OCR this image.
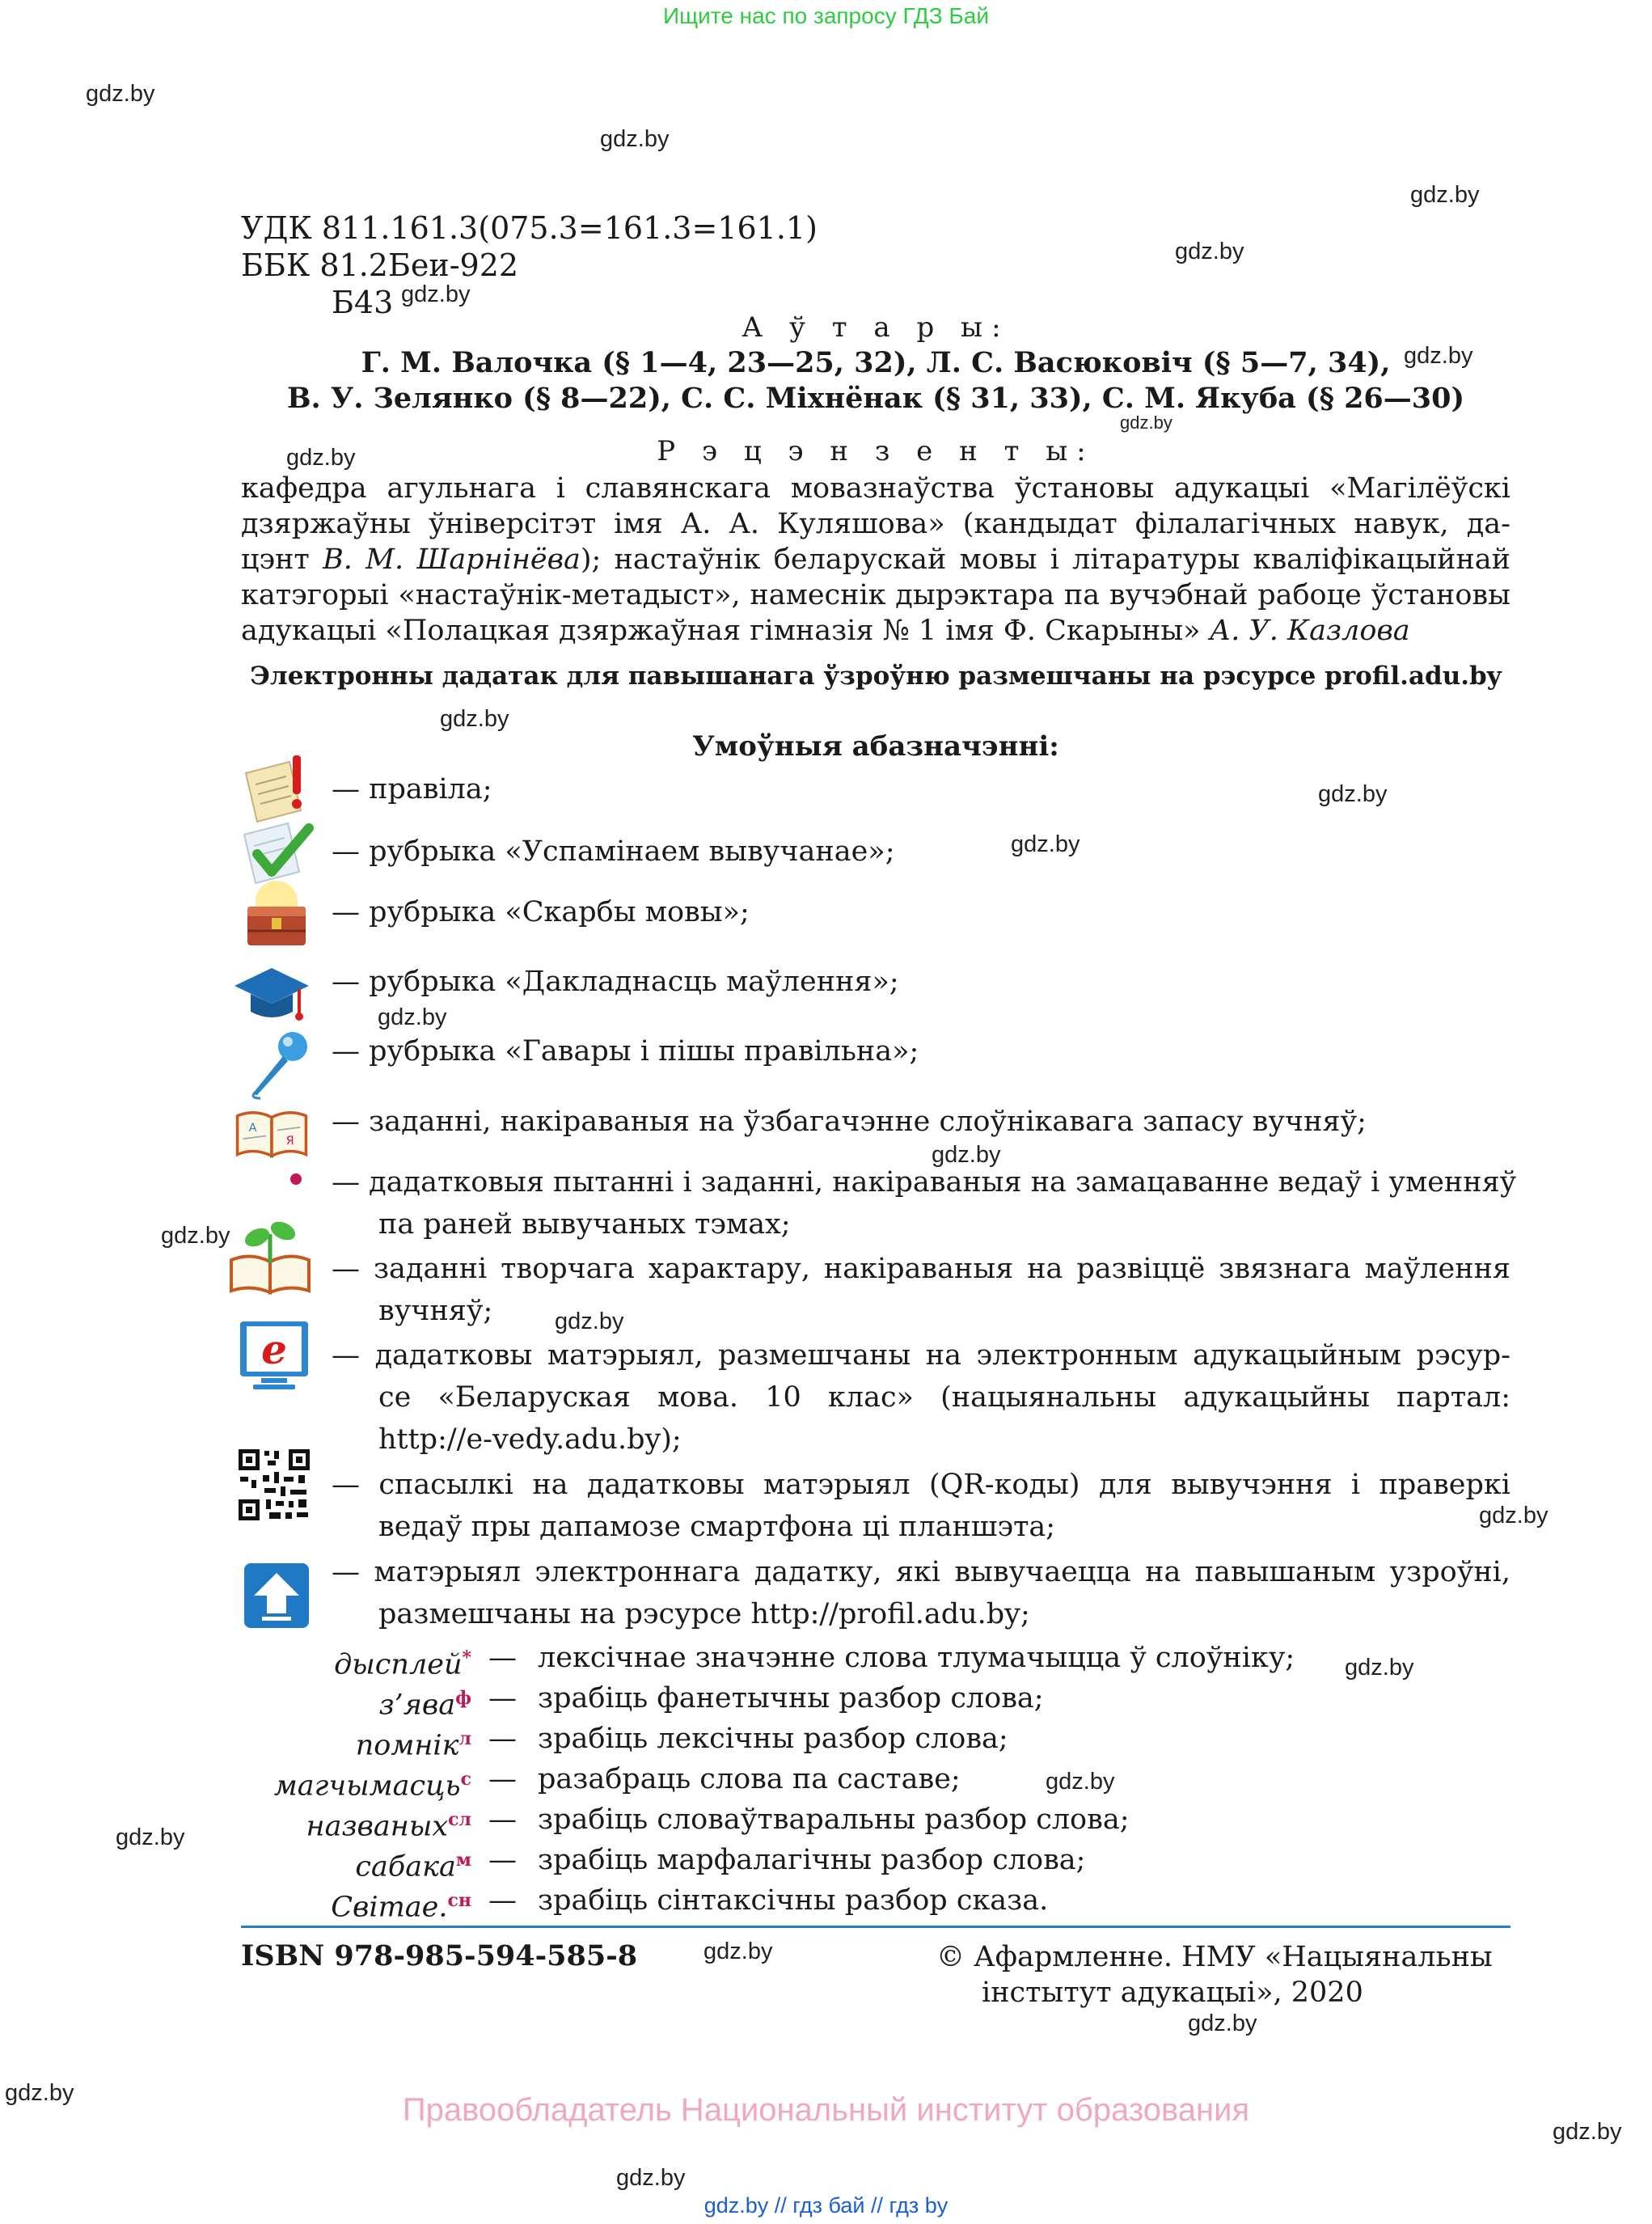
Ищите нас по запросу ГДЗ Бай
gdz.by
gdz.by
gdz.by
gdz.by
gdz.by
gdz.by
gdz.by
gdz.by
gdz.by
gdz.by
gdz.by
gdz.by
gdz.by
gdz.by
gdz.by
gdz.by
gdz.by
gdz.by
gdz.by
gdz.by
gdz.by
gdz.by
gdz.by
gdz.by
УДК 811.161.3(075.3=161.3=161.1)
ББК 81.2Беи-922
Б43
А ў т а р ы:
Г. М. Валочка (§ 1—4, 23—25, 32), Л. С. Васюковіч (§ 5—7, 34),
В. У. Зелянко (§ 8—22), С. С. Міхнёнак (§ 31, 33), С. М. Якуба (§ 26—30)
Р э ц э н з е н т ы:
кафедра агульнага і славянскага мовазнаўства ўстановы адукацыі «Магілёўскі
дзяржаўны ўніверсітэт імя А. А. Куляшова» (кандыдат філалагічных навук, да-
цэнт В. М. Шарнінёва); настаўнік беларускай мовы і літаратуры кваліфікацыйнай
катэгорыі «настаўнік-метадыст», намеснік дырэктара па вучэбнай рабоце ўстановы
адукацыі «Полацкая дзяржаўная гімназія № 1 імя Ф. Скарыны» А. У. Казлова
Электронны дадатак для павышанага ўзроўню размешчаны на рэсурсе profil.adu.by
Умоўныя абазначэнні:
А
Я
e
— правіла;
— рубрыка «Успамінаем вывучанае»;
— рубрыка «Скарбы мовы»;
— рубрыка «Дакладнасць маўлення»;
— рубрыка «Гавары і пішы правільна»;
— заданні, накіраваныя на ўзбагачэнне слоўнікавага запасу вучняў;
— дадатковыя пытанні і заданні, накіраваныя на замацаванне ведаў і уменняў
па раней вывучаных тэмах;
— заданні творчага характару, накіраваныя на развіццё звязнага маўлення
вучняў;
— дадатковы матэрыял, размешчаны на электронным адукацыйным рэсур-
се «Беларуская мова. 10 клас» (нацыянальны адукацыйны партал:
http://e-vedy.adu.by);
— спасылкі на дадатковы матэрыял (QR-коды) для вывучэння і праверкі
ведаў пры дапамозе смартфона ці планшэта;
— матэрыял электроннага дадатку, які вывучаецца на павышаным узроўні,
размешчаны на рэсурсе http://profil.adu.by;
дысплей* — лексічнае значэнне слова тлумачыцца ў слоўніку;
з’ява$^ф$ — зрабіць фанетычны разбор слова;
помнік$^л$ — зрабіць лексічны разбор слова;
магчымасць$^с$ — разабраць слова па саставе;
названых$^{сл}$ — зрабіць словаўтваральны разбор слова;
сабака$^м$ — зрабіць марфалагічны разбор слова;
Світае.$^{сн}$ — зрабіць сінтаксічны разбор сказа.
ISBN 978-985-594-585-8	© Афармленне. НМУ «Нацыянальны
інстытут адукацыі», 2020
Правообладатель Национальный институт образования
gdz.by // гдз бай // гдз by
